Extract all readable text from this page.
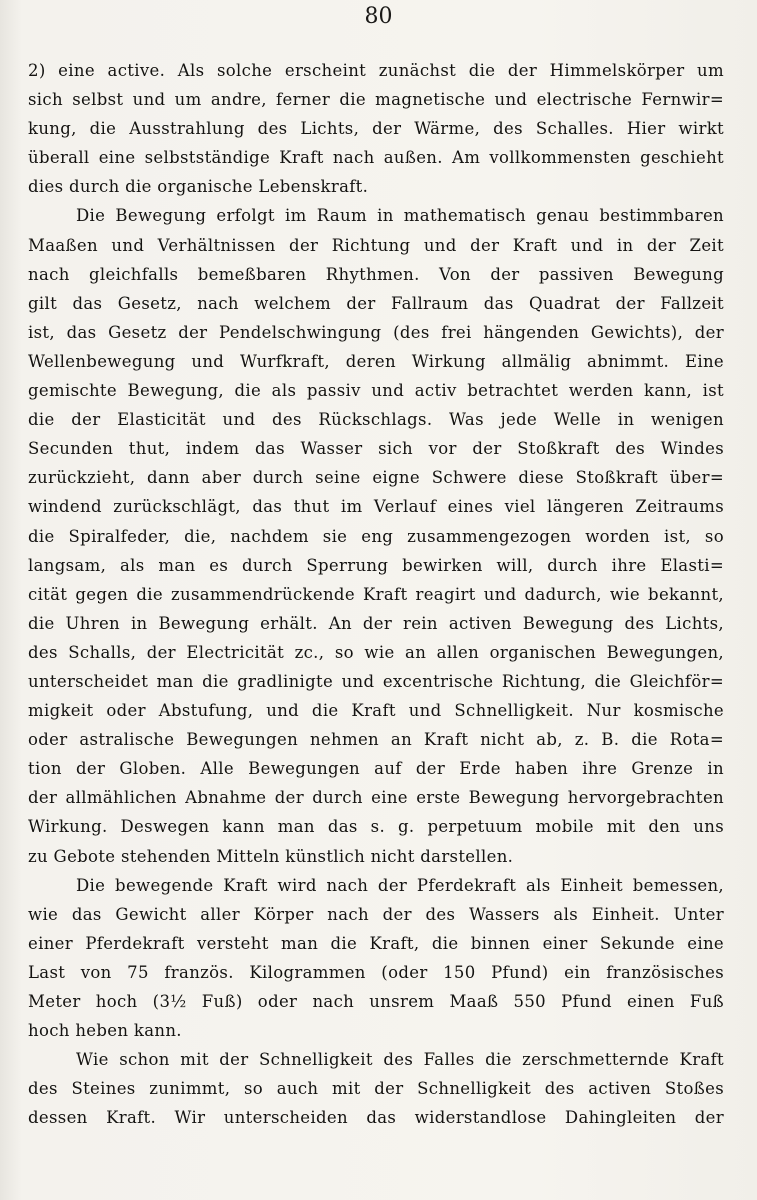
80
2) eine active. Als solche erscheint zunächst die der Himmelskörper um
sich selbst und um andre, ferner die magnetische und electrische Fernwir=
kung, die Ausstrahlung des Lichts, der Wärme, des Schalles. Hier wirkt
überall eine selbstständige Kraft nach außen. Am vollkommensten geschieht
dies durch die organische Lebenskraft.
Die Bewegung erfolgt im Raum in mathematisch genau bestimmbaren
Maaßen und Verhältnissen der Richtung und der Kraft und in der Zeit
nach gleichfalls bemeßbaren Rhythmen. Von der passiven Bewegung
gilt das Gesetz, nach welchem der Fallraum das Quadrat der Fallzeit
ist, das Gesetz der Pendelschwingung (des frei hängenden Gewichts), der
Wellenbewegung und Wurfkraft, deren Wirkung allmälig abnimmt. Eine
gemischte Bewegung, die als passiv und activ betrachtet werden kann, ist
die der Elasticität und des Rückschlags. Was jede Welle in wenigen
Secunden thut, indem das Wasser sich vor der Stoßkraft des Windes
zurückzieht, dann aber durch seine eigne Schwere diese Stoßkraft über=
windend zurückschlägt, das thut im Verlauf eines viel längeren Zeitraums
die Spiralfeder, die, nachdem sie eng zusammengezogen worden ist, so
langsam, als man es durch Sperrung bewirken will, durch ihre Elasti=
cität gegen die zusammendrückende Kraft reagirt und dadurch, wie bekannt,
die Uhren in Bewegung erhält. An der rein activen Bewegung des Lichts,
des Schalls, der Electricität zc., so wie an allen organischen Bewegungen,
unterscheidet man die gradlinigte und excentrische Richtung, die Gleichför=
migkeit oder Abstufung, und die Kraft und Schnelligkeit. Nur kosmische
oder astralische Bewegungen nehmen an Kraft nicht ab, z. B. die Rota=
tion der Globen. Alle Bewegungen auf der Erde haben ihre Grenze in
der allmählichen Abnahme der durch eine erste Bewegung hervorgebrachten
Wirkung. Deswegen kann man das s. g. perpetuum mobile mit den uns
zu Gebote stehenden Mitteln künstlich nicht darstellen.
Die bewegende Kraft wird nach der Pferdekraft als Einheit bemessen,
wie das Gewicht aller Körper nach der des Wassers als Einheit. Unter
einer Pferdekraft versteht man die Kraft, die binnen einer Sekunde eine
Last von 75 französ. Kilogrammen (oder 150 Pfund) ein französisches
Meter hoch (3½ Fuß) oder nach unsrem Maaß 550 Pfund einen Fuß
hoch heben kann.
Wie schon mit der Schnelligkeit des Falles die zerschmetternde Kraft
des Steines zunimmt, so auch mit der Schnelligkeit des activen Stoßes
dessen Kraft. Wir unterscheiden das widerstandlose Dahingleiten der
